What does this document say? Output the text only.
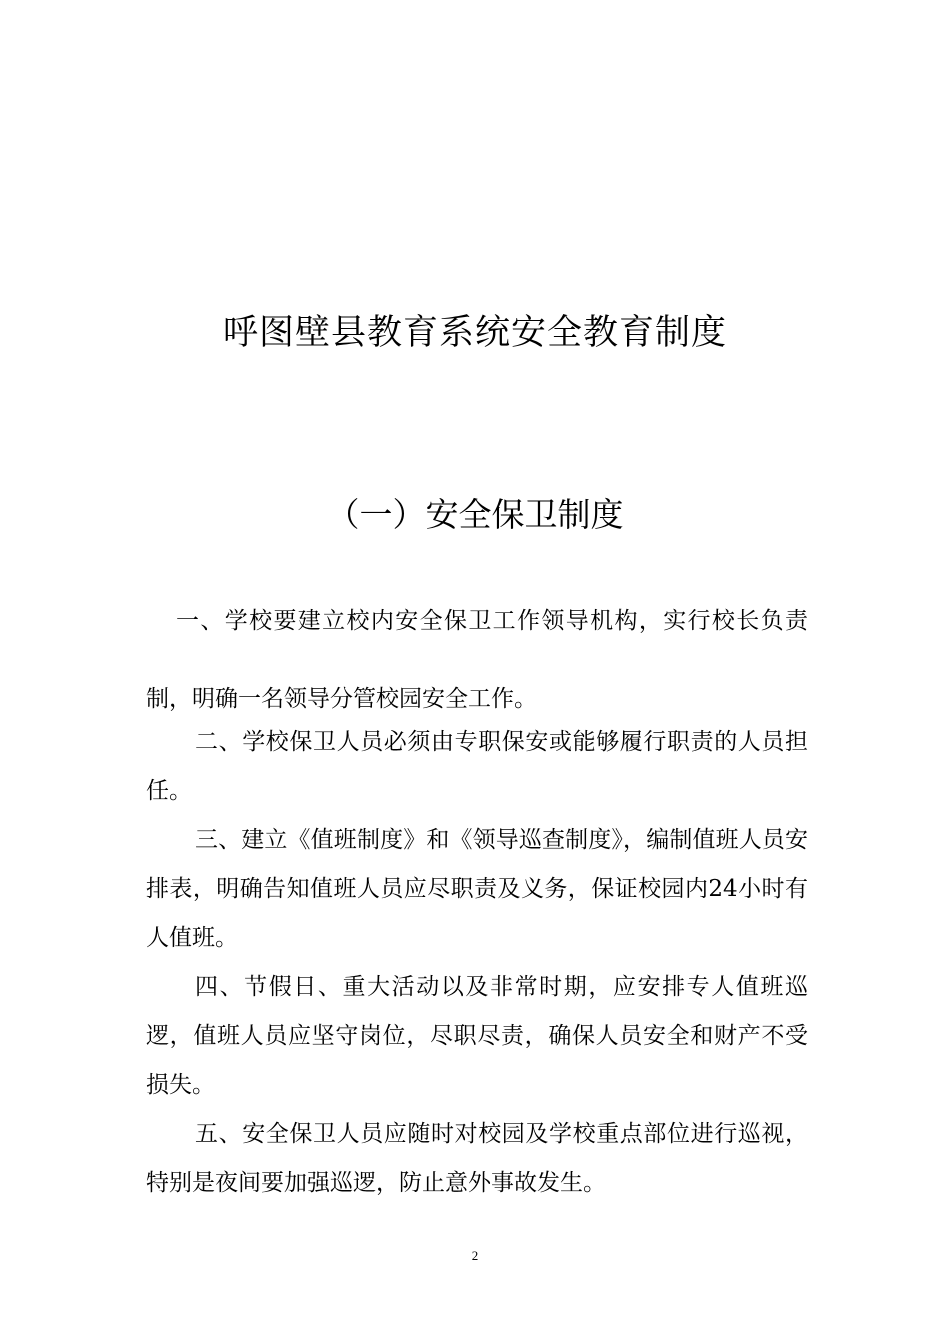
呼图壁县教育系统安全教育制度
（一）安全保卫制度

一、学校要建立校内安全保卫工作领导机构，实行校长负责制，明确一名领导分管校园安全工作。

二、学校保卫人员必须由专职保安或能够履行职责的人员担任。

三、建立《值班制度》和《领导巡查制度》，编制值班人员安排表，明确告知值班人员应尽职责及义务，保证校园内24小时有人值班。

四、节假日、重大活动以及非常时期，应安排专人值班巡逻，值班人员应坚守岗位，尽职尽责，确保人员安全和财产不受损失。

五、安全保卫人员应随时对校园及学校重点部位进行巡视，特别是夜间要加强巡逻，防止意外事故发生。

2
